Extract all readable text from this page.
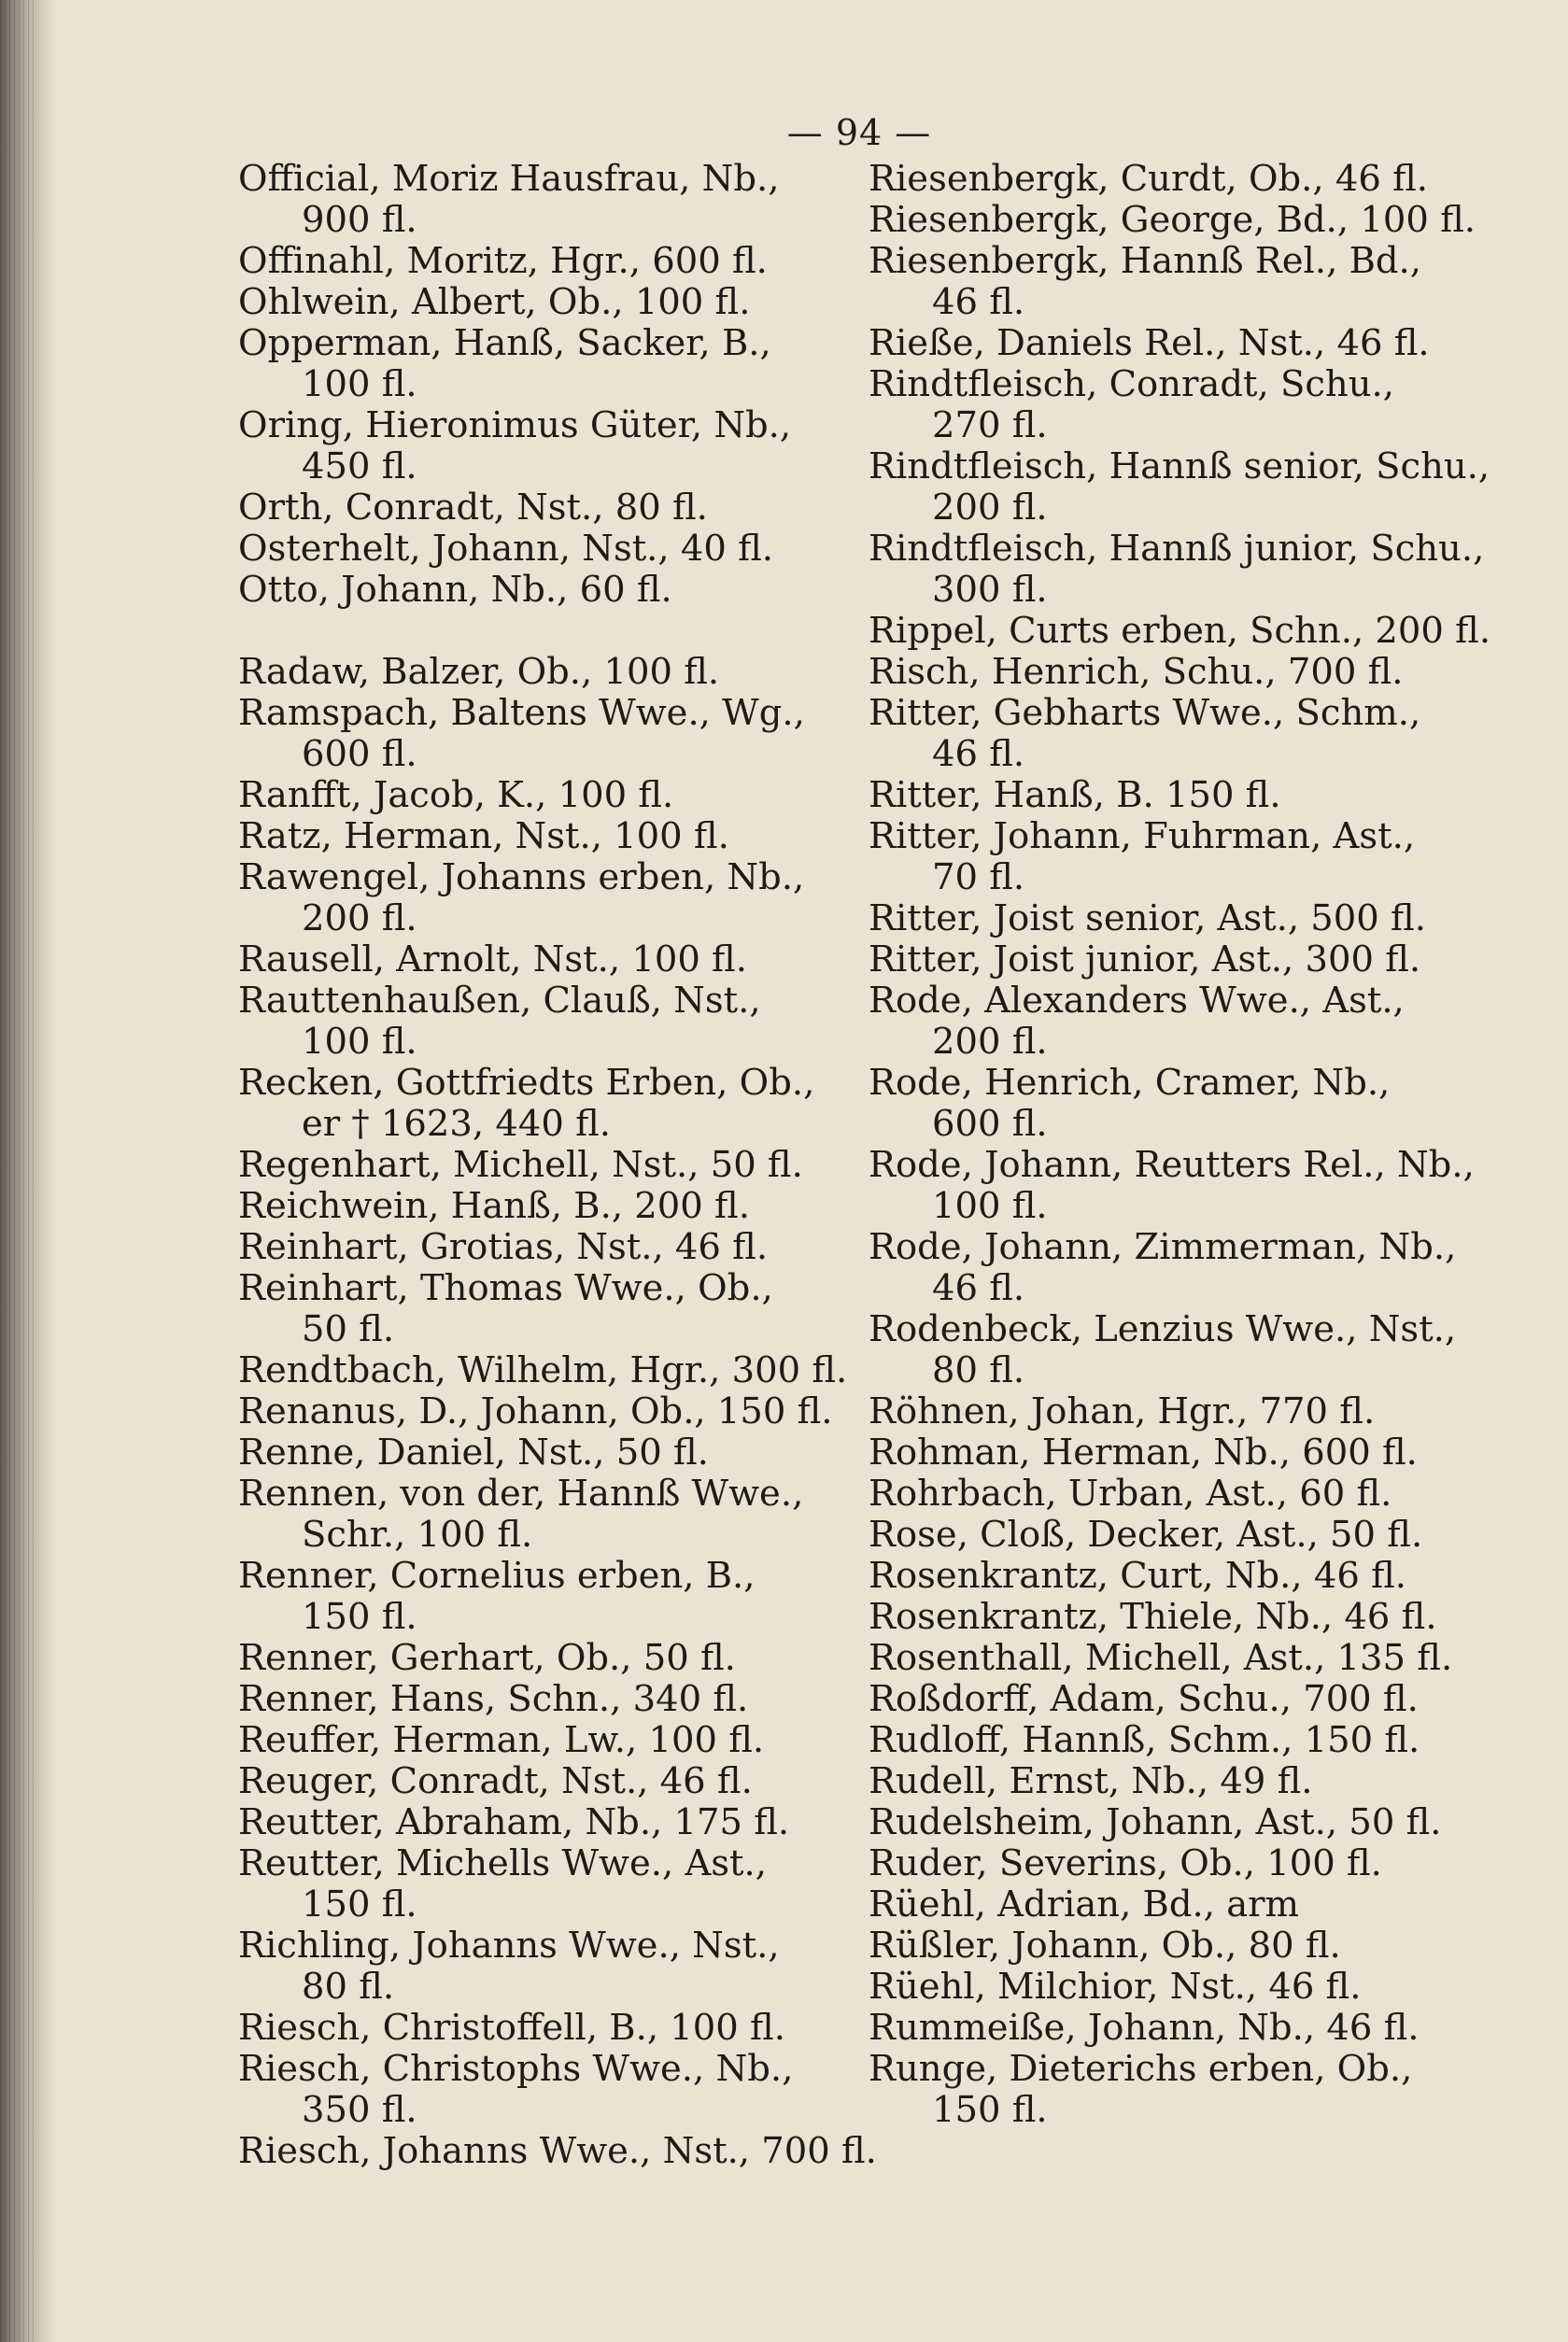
— 94 —
Official, Moriz Hausfrau, Nb.,
900 fl.
Offinahl, Moritz, Hgr., 600 fl.
Ohlwein, Albert, Ob., 100 fl.
Opperman, Hanß, Sacker, B.,
100 fl.
Oring, Hieronimus Güter, Nb.,
450 fl.
Orth, Conradt, Nst., 80 fl.
Osterhelt, Johann, Nst., 40 fl.
Otto, Johann, Nb., 60 fl.
Radaw, Balzer, Ob., 100 fl.
Ramspach, Baltens Wwe., Wg.,
600 fl.
Ranfft, Jacob, K., 100 fl.
Ratz, Herman, Nst., 100 fl.
Rawengel, Johanns erben, Nb.,
200 fl.
Rausell, Arnolt, Nst., 100 fl.
Rauttenhaußen, Clauß, Nst.,
100 fl.
Recken, Gottfriedts Erben, Ob.,
er † 1623, 440 fl.
Regenhart, Michell, Nst., 50 fl.
Reichwein, Hanß, B., 200 fl.
Reinhart, Grotias, Nst., 46 fl.
Reinhart, Thomas Wwe., Ob.,
50 fl.
Rendtbach, Wilhelm, Hgr., 300 fl.
Renanus, D., Johann, Ob., 150 fl.
Renne, Daniel, Nst., 50 fl.
Rennen, von der, Hannß Wwe.,
Schr., 100 fl.
Renner, Cornelius erben, B.,
150 fl.
Renner, Gerhart, Ob., 50 fl.
Renner, Hans, Schn., 340 fl.
Reuffer, Herman, Lw., 100 fl.
Reuger, Conradt, Nst., 46 fl.
Reutter, Abraham, Nb., 175 fl.
Reutter, Michells Wwe., Ast.,
150 fl.
Richling, Johanns Wwe., Nst.,
80 fl.
Riesch, Christoffell, B., 100 fl.
Riesch, Christophs Wwe., Nb.,
350 fl.
Riesch, Johanns Wwe., Nst., 700 fl.
Riesenbergk, Curdt, Ob., 46 fl.
Riesenbergk, George, Bd., 100 fl.
Riesenbergk, Hannß Rel., Bd.,
46 fl.
Rieße, Daniels Rel., Nst., 46 fl.
Rindtfleisch, Conradt, Schu.,
270 fl.
Rindtfleisch, Hannß senior, Schu.,
200 fl.
Rindtfleisch, Hannß junior, Schu.,
300 fl.
Rippel, Curts erben, Schn., 200 fl.
Risch, Henrich, Schu., 700 fl.
Ritter, Gebharts Wwe., Schm.,
46 fl.
Ritter, Hanß, B. 150 fl.
Ritter, Johann, Fuhrman, Ast.,
70 fl.
Ritter, Joist senior, Ast., 500 fl.
Ritter, Joist junior, Ast., 300 fl.
Rode, Alexanders Wwe., Ast.,
200 fl.
Rode, Henrich, Cramer, Nb.,
600 fl.
Rode, Johann, Reutters Rel., Nb.,
100 fl.
Rode, Johann, Zimmerman, Nb.,
46 fl.
Rodenbeck, Lenzius Wwe., Nst.,
80 fl.
Röhnen, Johan, Hgr., 770 fl.
Rohman, Herman, Nb., 600 fl.
Rohrbach, Urban, Ast., 60 fl.
Rose, Cloß, Decker, Ast., 50 fl.
Rosenkrantz, Curt, Nb., 46 fl.
Rosenkrantz, Thiele, Nb., 46 fl.
Rosenthall, Michell, Ast., 135 fl.
Roßdorff, Adam, Schu., 700 fl.
Rudloff, Hannß, Schm., 150 fl.
Rudell, Ernst, Nb., 49 fl.
Rudelsheim, Johann, Ast., 50 fl.
Ruder, Severins, Ob., 100 fl.
Rüehl, Adrian, Bd., arm
Rüßler, Johann, Ob., 80 fl.
Rüehl, Milchior, Nst., 46 fl.
Rummeiße, Johann, Nb., 46 fl.
Runge, Dieterichs erben, Ob.,
150 fl.
